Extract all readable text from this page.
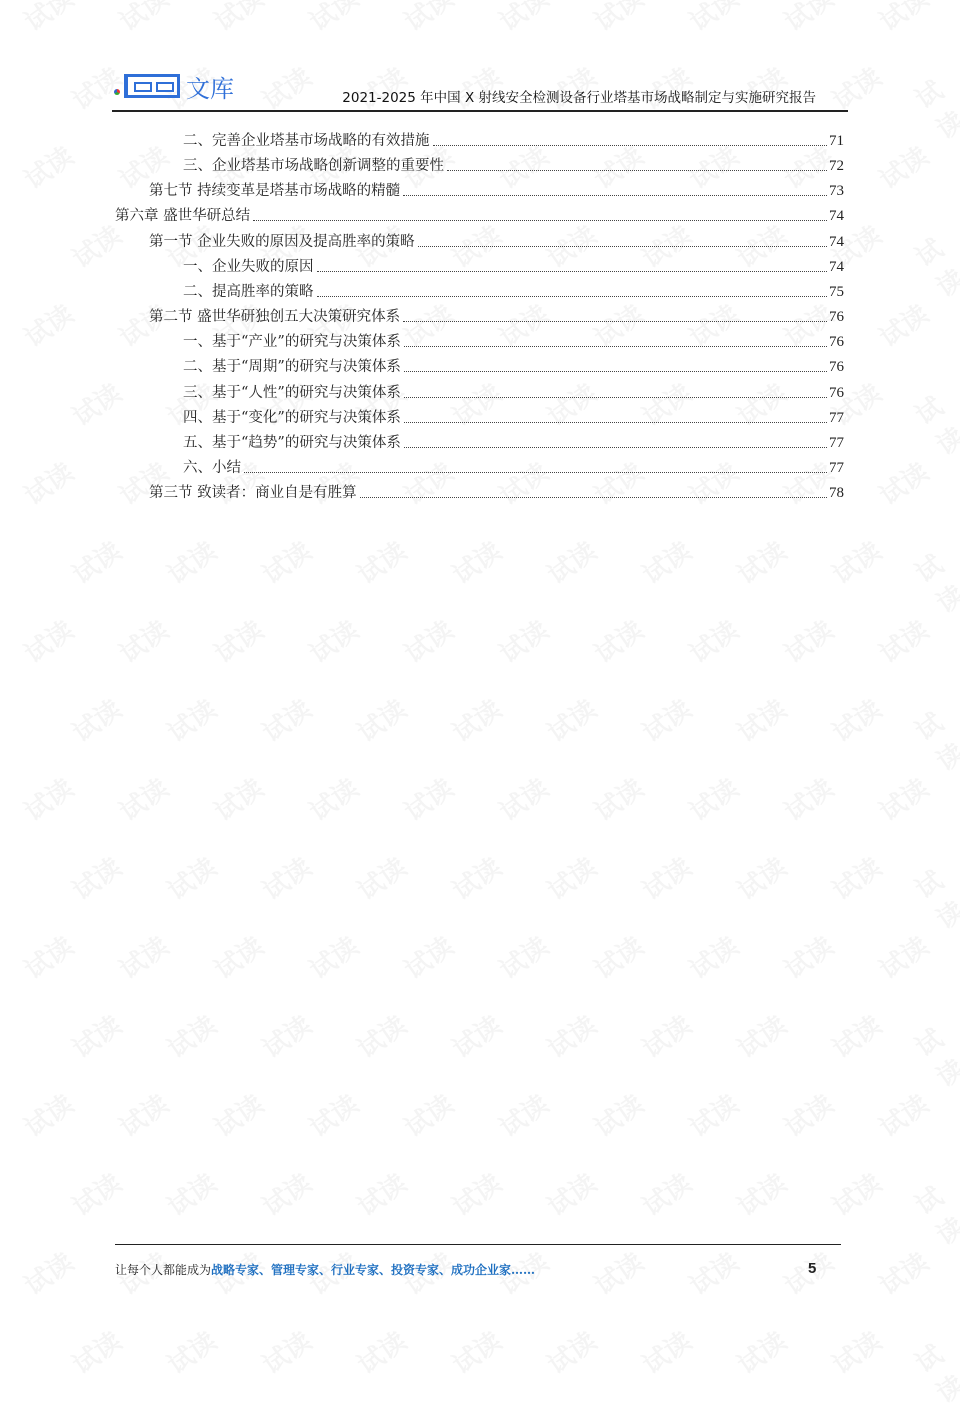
文库	2021-2025 年中国 X 射线安全检测设备行业塔基市场战略制定与实施研究报告
二、完善企业塔基市场战略的有效措施	71
三、企业塔基市场战略创新调整的重要性	72
第七节 持续变革是塔基市场战略的精髓	73
第六章 盛世华研总结	74
第一节 企业失败的原因及提高胜率的策略	74
一、企业失败的原因	74
二、提高胜率的策略	75
第二节 盛世华研独创五大决策研究体系	76
一、基于“产业”的研究与决策体系	76
二、基于“周期”的研究与决策体系	76
三、基于“人性”的研究与决策体系	76
四、基于“变化”的研究与决策体系	77
五、基于“趋势”的研究与决策体系	77
六、小结	77
第三节 致读者：商业自是有胜算	78
让每个人都能成为战略专家、管理专家、行业专家、投资专家、成功企业家……	5
